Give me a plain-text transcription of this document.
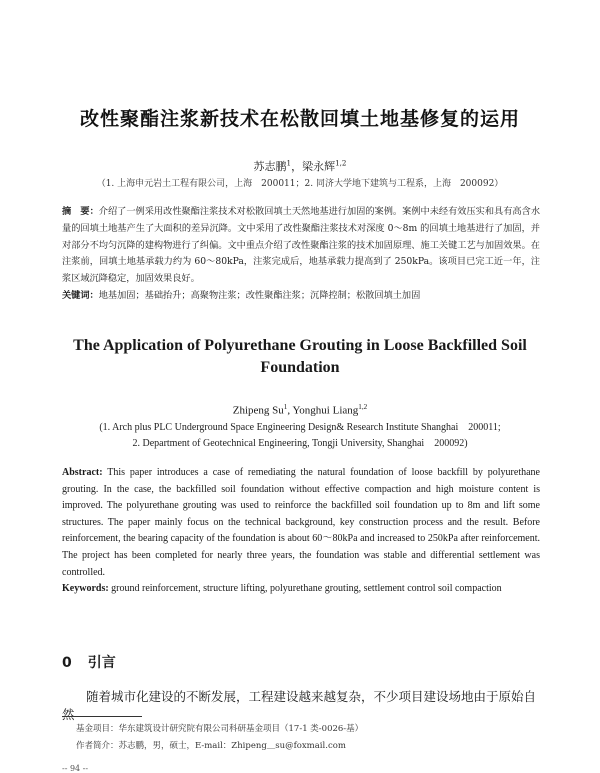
改性聚酯注浆新技术在松散回填土地基修复的运用
苏志鹏$^1$，梁永辉$^{1,2}$
（1. 上海申元岩土工程有限公司，上海　200011；2. 同济大学地下建筑与工程系，上海　200092）
摘　要：介绍了一例采用改性聚酯注浆技术对松散回填土天然地基进行加固的案例。案例中未经有效压实和具有高含水量的回填土地基产生了大面积的差异沉降。文中采用了改性聚酯注浆技术对深度 0～8m 的回填土地基进行了加固，并对部分不均匀沉降的建构物进行了纠偏。文中重点介绍了改性聚酯注浆的技术加固原理、施工关键工艺与加固效果。在注浆前，回填土地基承载力约为 60～80kPa，注浆完成后，地基承载力提高到了 250kPa。该项目已完工近一年，注浆区域沉降稳定，加固效果良好。
关键词：地基加固；基础抬升；高聚物注浆；改性聚酯注浆；沉降控制；松散回填土加固
The Application of Polyurethane Grouting in Loose Backfilled Soil Foundation
Zhipeng Su$^1$, Yonghui Liang$^{1,2}$
(1. Arch plus PLC Underground Space Engineering Design& Research Institute Shanghai　200011;
2. Department of Geotechnical Engineering, Tongji University, Shanghai　200092)
Abstract: This paper introduces a case of remediating the natural foundation of loose backfill by polyurethane grouting. In the case, the backfilled soil foundation without effective compaction and high moisture content is improved. The polyurethane grouting was used to reinforce the backfilled soil foundation up to 8m and lift some structures. The paper mainly focus on the technical background, key construction process and the result. Before reinforcement, the bearing capacity of the foundation is about 60～80kPa and increased to 250kPa after reinforcement. The project has been completed for nearly three years, the foundation was stable and differential settlement was controlled.
Keywords: ground reinforcement, structure lifting, polyurethane grouting, settlement control soil compaction
0 引言
随着城市化建设的不断发展，工程建设越来越复杂，不少项目建设场地由于原始自然
基金项目：华东建筑设计研究院有限公司科研基金项目（17-1 类-0026-基）
作者简介：苏志鹏，男，硕士，E-mail：Zhipeng＿su@foxmail.com
-- 94 --
